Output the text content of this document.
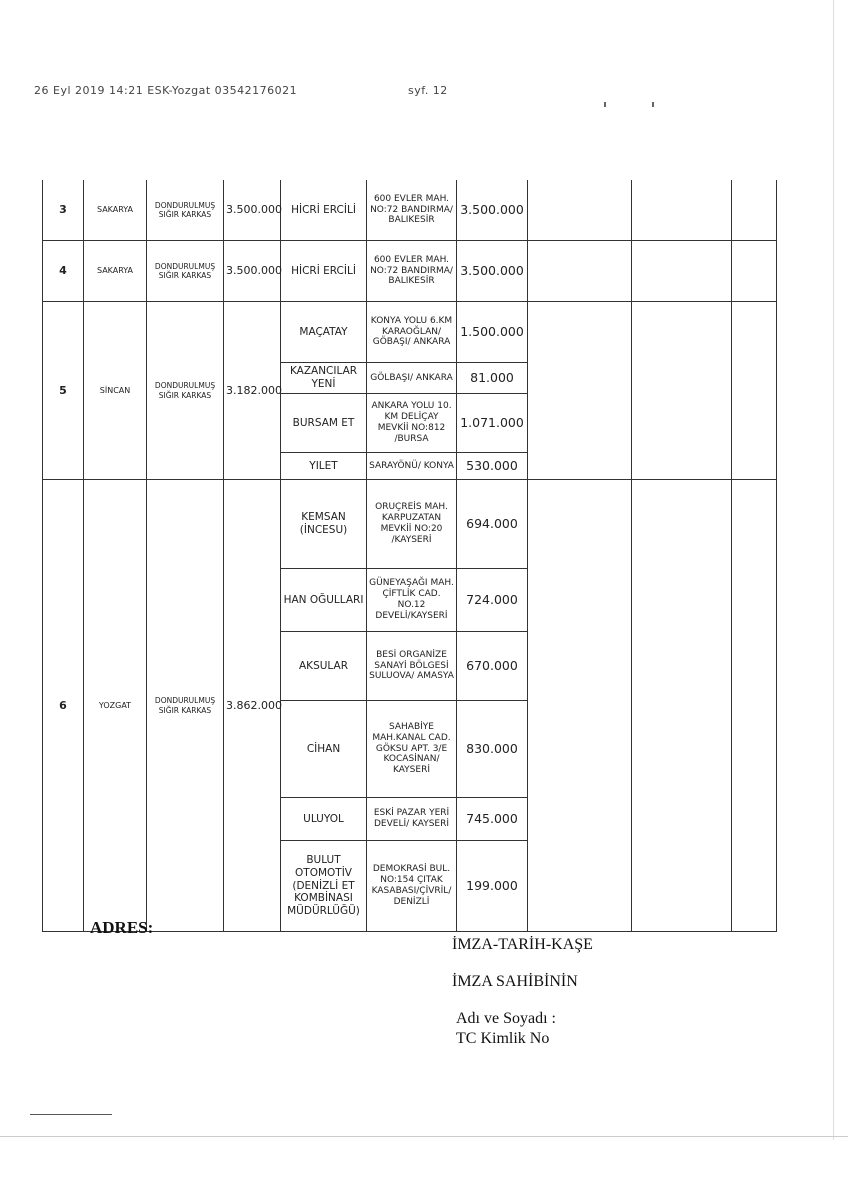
26 Eyl 2019 14:21 ESK-Yozgat 03542176021	syf. 12
3	SAKARYA	DONDURULMUŞ SIĞIR KARKAS	3.500.000	HİCRİ ERCİLİ	600 EVLER MAH. NO:72 BANDIRMA/ BALIKESİR	3.500.000			
4	SAKARYA	DONDURULMUŞ SIĞIR KARKAS	3.500.000	HİCRİ ERCİLİ	600 EVLER MAH. NO:72 BANDIRMA/ BALIKESİR	3.500.000			
5	SİNCAN	DONDURULMUŞ SIĞIR KARKAS	3.182.000	MAÇATAY	KONYA YOLU 6.KM KARAOĞLAN/ GÖBAŞI/ ANKARA	1.500.000			
				KAZANCILAR YENİ	GÖLBAŞI/ ANKARA	81.000			
				BURSAM ET	ANKARA YOLU 10. KM DELİÇAY MEVKİİ NO:812 /BURSA	1.071.000			
				YILET	SARAYÖNÜ/ KONYA	530.000			
6	YOZGAT	DONDURULMUŞ SIĞIR KARKAS	3.862.000	KEMSAN (İNCESU)	ORUÇREİS MAH. KARPUZATAN MEVKİİ NO:20 /KAYSERİ	694.000			
				HAN OĞULLARI	GÜNEYAŞAĞI MAH. ÇİFTLİK CAD. NO.12 DEVELİ/KAYSERİ	724.000			
				AKSULAR	BESİ ORGANİZE SANAYİ BÖLGESİ SULUOVA/ AMASYA	670.000			
				CİHAN	SAHABİYE MAH.KANAL CAD. GÖKSU APT. 3/E KOCASİNAN/ KAYSERİ	830.000			
				ULUYOL	ESKİ PAZAR YERİ DEVELİ/ KAYSERİ	745.000			
				BULUT OTOMOTİV (DENİZLİ ET KOMBİNASI MÜDÜRLÜĞÜ)	DEMOKRASİ BUL. NO:154 ÇITAK KASABASI/ÇİVRİL/ DENİZLİ	199.000			
ADRES:
İMZA-TARİH-KAŞE
İMZA SAHİBİNİN
Adı ve Soyadı :
TC Kimlik No
